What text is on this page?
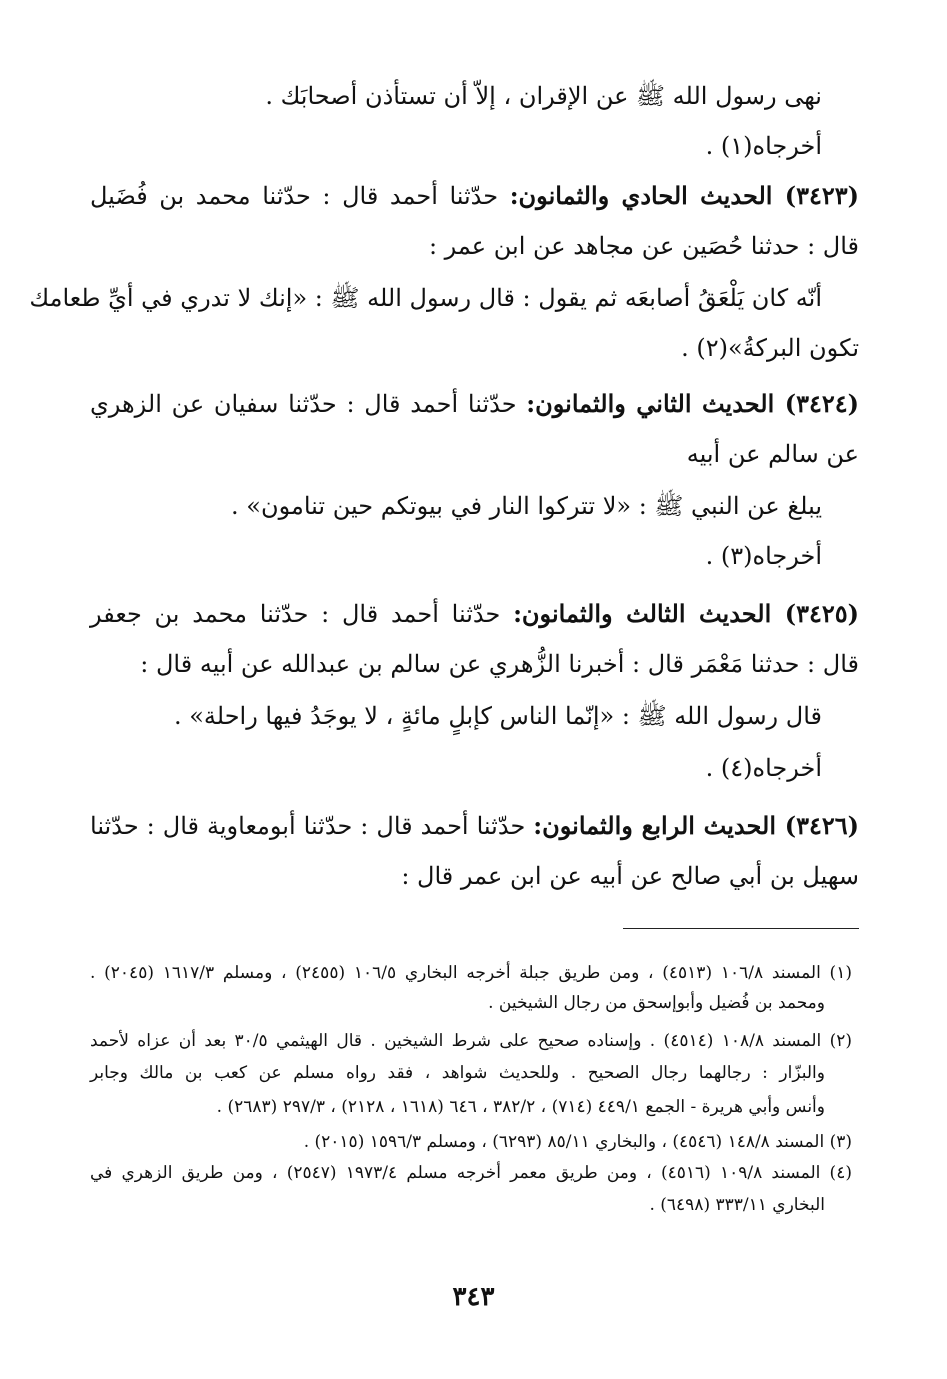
نهى رسول الله ﷺ عن الإقران ، إلاّ أن تستأذن أصحابَك .
أخرجاه(١) .
(٣٤٢٣) الحديث الحادي والثمانون: حدّثنا أحمد قال : حدّثنا محمد بن فُضَيل
قال : حدثنا حُصَين عن مجاهد عن ابن عمر :
أنّه كان يَلْعَقُ أصابعَه ثم يقول : قال رسول الله ﷺ : «إنك لا تدري في أيِّ طعامك
تكون البركةُ»(٢) .
(٣٤٢٤) الحديث الثاني والثمانون: حدّثنا أحمد قال : حدّثنا سفيان عن الزهري
عن سالم عن أبيه
يبلغ عن النبي ﷺ : «لا تتركوا النار في بيوتكم حين تنامون» .
أخرجاه(٣) .
(٣٤٢٥) الحديث الثالث والثمانون: حدّثنا أحمد قال : حدّثنا محمد بن جعفر
قال : حدثنا مَعْمَر قال : أخبرنا الزُّهري عن سالم بن عبدالله عن أبيه قال :
قال رسول الله ﷺ : «إنّما الناس كإبلٍ مائةٍ ، لا يوجَدُ فيها راحلة» .
أخرجاه(٤) .
(٣٤٢٦) الحديث الرابع والثمانون: حدّثنا أحمد قال : حدّثنا أبومعاوية قال : حدّثنا
سهيل بن أبي صالح عن أبيه عن ابن عمر قال :
(١) المسند ١٠٦/٨ (٤٥١٣) ، ومن طريق جبلة أخرجه البخاري ١٠٦/٥ (٢٤٥٥) ، ومسلم ١٦١٧/٣ (٢٠٤٥) .
ومحمد بن فُضيل وأبوإسحق من رجال الشيخين .
(٢) المسند ١٠٨/٨ (٤٥١٤) . وإسناده صحيح على شرط الشيخين . قال الهيثمي ٣٠/٥ بعد أن عزاه لأحمد
والبزّار : رجالهما رجال الصحيح . وللحديث شواهد ، فقد رواه مسلم عن كعب بن مالك وجابر
وأنس وأبي هريرة - الجمع ٤٤٩/١ (٧١٤) ، ٣٨٢/٢ ، ٦٤٦ (١٦١٨ ، ٢١٢٨) ، ٢٩٧/٣ (٢٦٨٣) .
(٣) المسند ١٤٨/٨ (٤٥٤٦) ، والبخاري ٨٥/١١ (٦٢٩٣) ، ومسلم ١٥٩٦/٣ (٢٠١٥) .
(٤) المسند ١٠٩/٨ (٤٥١٦) ، ومن طريق معمر أخرجه مسلم ١٩٧٣/٤ (٢٥٤٧) ، ومن طريق الزهري في
البخاري ٣٣٣/١١ (٦٤٩٨) .
٣٤٣
